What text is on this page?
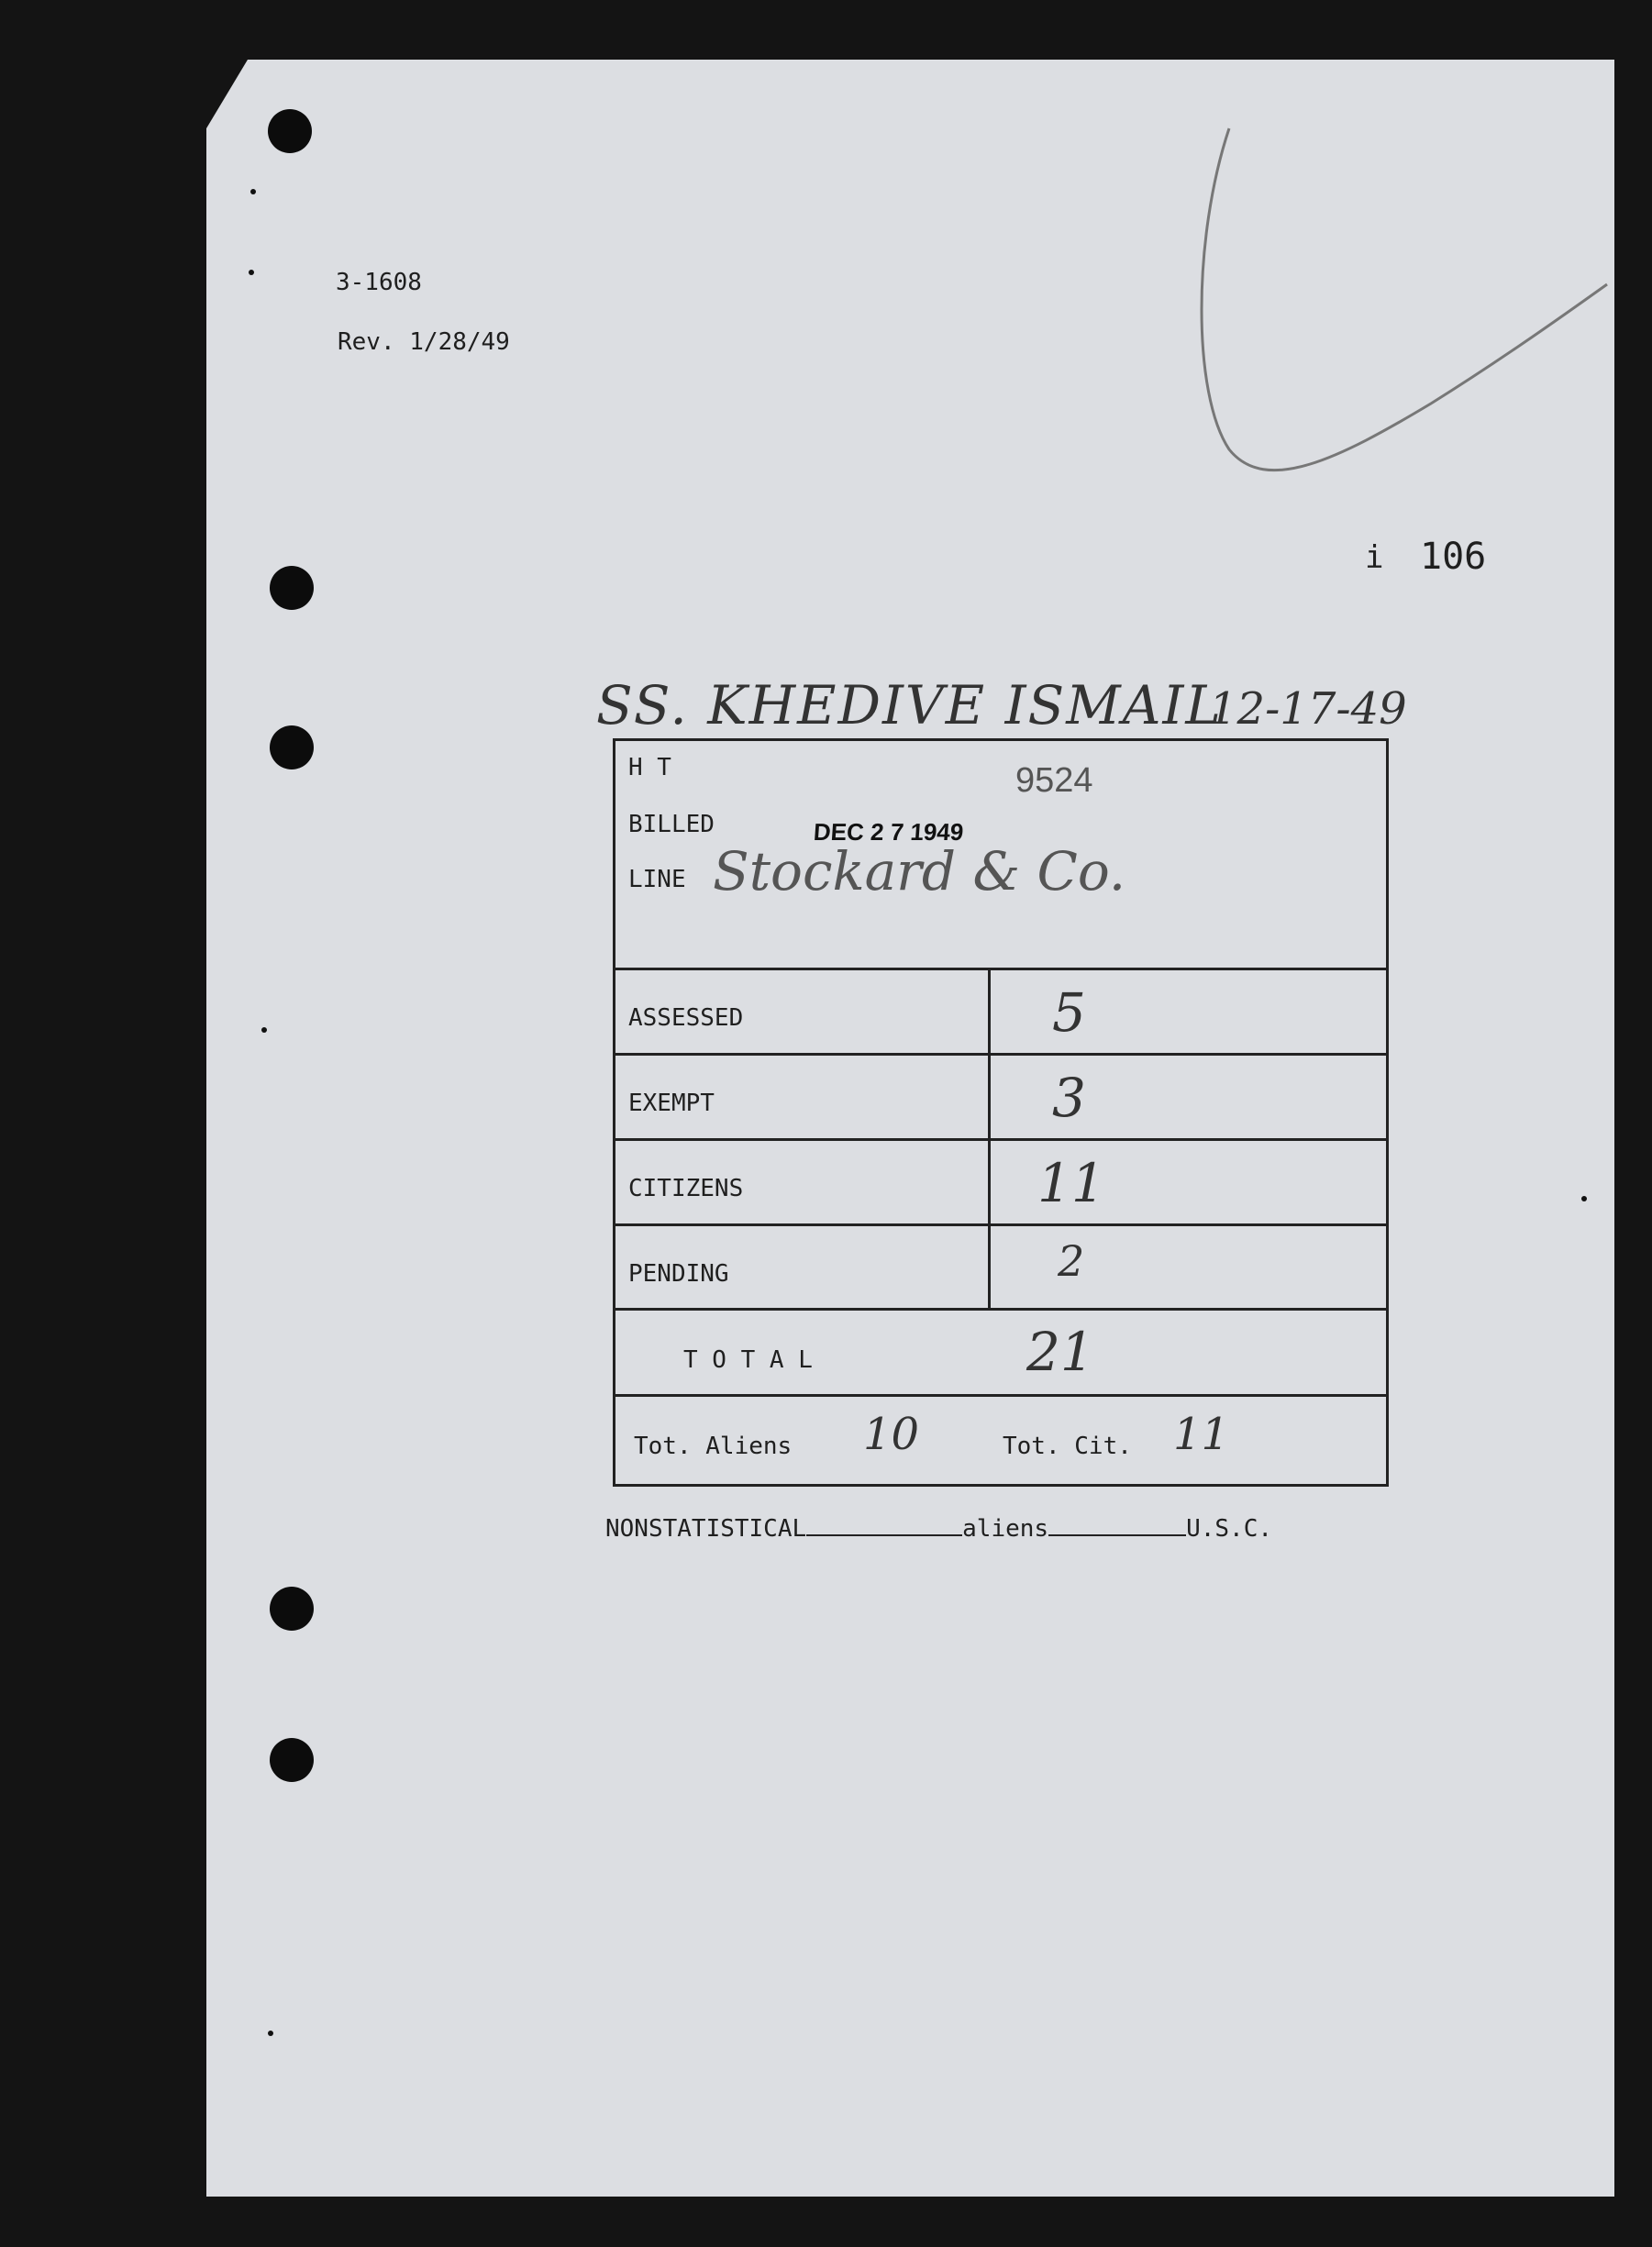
3-1608
Rev. 1/28/49
i 106
SS. KHEDIVE ISMAIL
12-17-49
H T	9524
BILLED	DEC 2 7 1949
LINE Stockard & Co.
ASSESSED	5
EXEMPT	3
CITIZENS	11
PENDING	2
T O T A L	21
Tot. Aliens 10	Tot. Cit. 11
NONSTATISTICAL	aliens	U.S.C.
